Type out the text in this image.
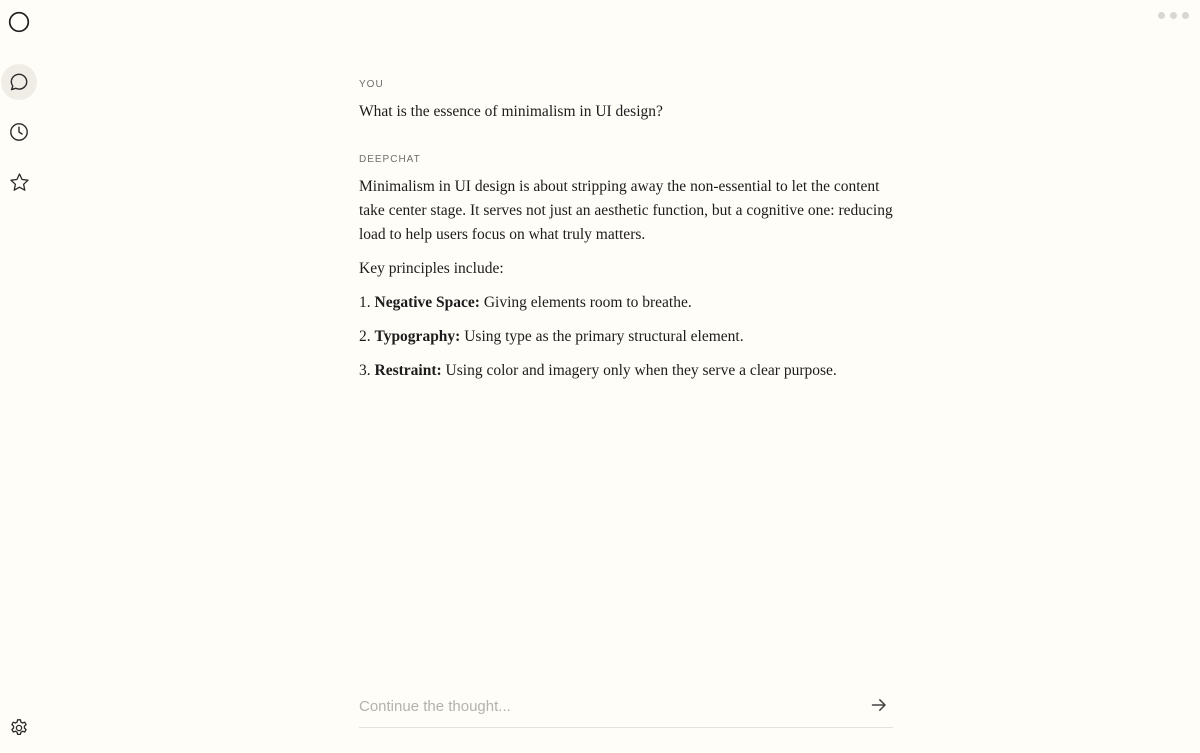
YOU

What is the essence of minimalism in UI design?

DEEPCHAT

Minimalism in UI design is about stripping away the non-essential to let the content take center stage. It serves not just an aesthetic function, but a cognitive one: reducing load to help users focus on what truly matters.

Key principles include:

1. Negative Space: Giving elements room to breathe.
2. Typography: Using type as the primary structural element.
3. Restraint: Using color and imagery only when they serve a clear purpose.
Continue the thought...
